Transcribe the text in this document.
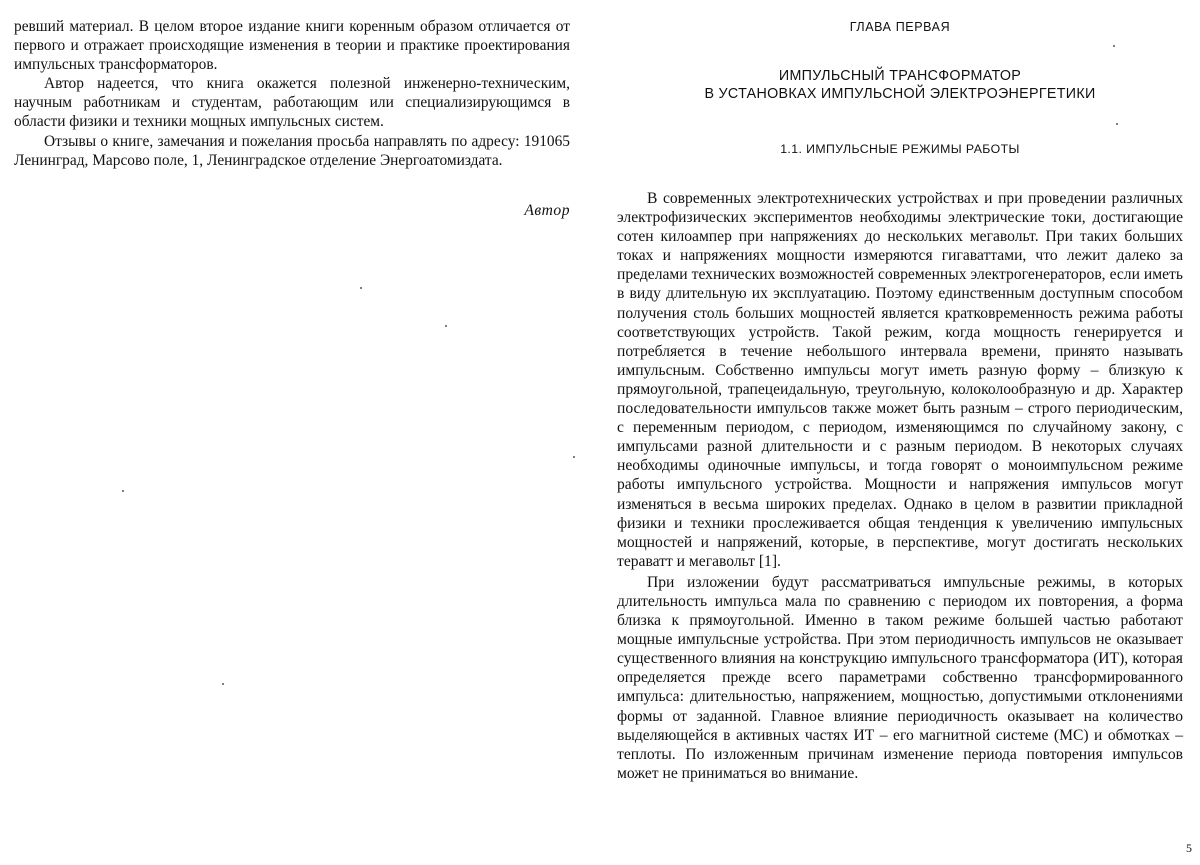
ревший материал. В целом второе издание книги коренным образом отличается от первого и отражает происходящие изменения в теории и практике проектирования импульсных трансформаторов.

Автор надеется, что книга окажется полезной инженерно-техническим, научным работникам и студентам, работающим или специализирующимся в области физики и техники мощных импульсных систем.

Отзывы о книге, замечания и пожелания просьба направлять по адресу: 191065 Ленинград, Марсово поле, 1, Ленинградское отделение Энергоатомиздата.

Автор
ГЛАВА ПЕРВАЯ
ИМПУЛЬСНЫЙ ТРАНСФОРМАТОР
В УСТАНОВКАХ ИМПУЛЬСНОЙ ЭЛЕКТРОЭНЕРГЕТИКИ
1.1. ИМПУЛЬСНЫЕ РЕЖИМЫ РАБОТЫ

В современных электротехнических устройствах и при проведении различных электрофизических экспериментов необходимы электрические токи, достигающие сотен килоампер при напряжениях до нескольких мегавольт. При таких больших токах и напряжениях мощности измеряются гигаваттами, что лежит далеко за пределами технических возможностей современных электрогенераторов, если иметь в виду длительную их эксплуатацию. Поэтому единственным доступным способом получения столь больших мощностей является кратковременность режима работы соответствующих устройств. Такой режим, когда мощность генерируется и потребляется в течение небольшого интервала времени, принято называть импульсным. Собственно импульсы могут иметь разную форму – близкую к прямоугольной, трапецеидальную, треугольную, колоколообразную и др. Характер последовательности импульсов также может быть разным – строго периодическим, с переменным периодом, с периодом, изменяющимся по случайному закону, с импульсами разной длительности и с разным периодом. В некоторых случаях необходимы одиночные импульсы, и тогда говорят о моноимпульсном режиме работы импульсного устройства. Мощности и напряжения импульсов могут изменяться в весьма широких пределах. Однако в целом в развитии прикладной физики и техники прослеживается общая тенденция к увеличению импульсных мощностей и напряжений, которые, в перспективе, могут достигать нескольких тераватт и мегавольт [1].

При изложении будут рассматриваться импульсные режимы, в которых длительность импульса мала по сравнению с периодом их повторения, а форма близка к прямоугольной. Именно в таком режиме большей частью работают мощные импульсные устройства. При этом периодичность импульсов не оказывает существенного влияния на конструкцию импульсного трансформатора (ИТ), которая определяется прежде всего параметрами собственно трансформированного импульса: длительностью, напряжением, мощностью, допустимыми отклонениями формы от заданной. Главное влияние периодичность оказывает на количество выделяющейся в активных частях ИТ – его магнитной системе (МС) и обмотках – теплоты. По изложенным причинам изменение периода повторения импульсов может не приниматься во внимание.

5
